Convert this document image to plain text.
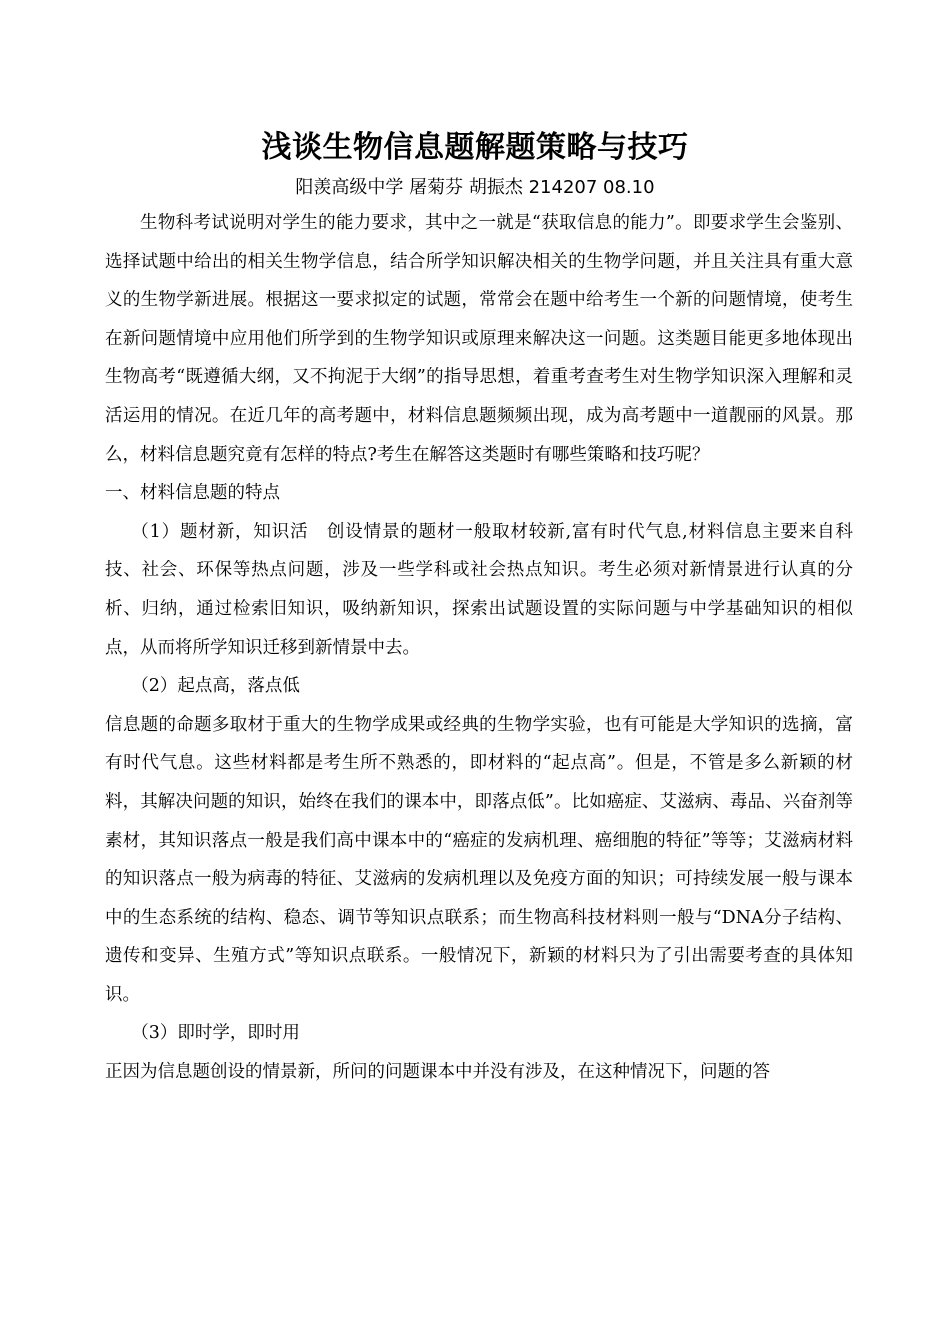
浅谈生物信息题解题策略与技巧
阳羡高级中学 屠菊芬 胡振杰 214207 08.10

生物科考试说明对学生的能力要求，其中之一就是“获取信息的能力”。即要求学生会鉴别、选择试题中给出的相关生物学信息，结合所学知识解决相关的生物学问题，并且关注具有重大意义的生物学新进展。根据这一要求拟定的试题，常常会在题中给考生一个新的问题情境，使考生在新问题情境中应用他们所学到的生物学知识或原理来解决这一问题。这类题目能更多地体现出生物高考“既遵循大纲，又不拘泥于大纲”的指导思想，着重考查考生对生物学知识深入理解和灵活运用的情况。在近几年的高考题中，材料信息题频频出现，成为高考题中一道靓丽的风景。那么，材料信息题究竟有怎样的特点?考生在解答这类题时有哪些策略和技巧呢？

一、材料信息题的特点

（1）题材新，知识活　创设情景的题材一般取材较新,富有时代气息,材料信息主要来自科技、社会、环保等热点问题，涉及一些学科或社会热点知识。考生必须对新情景进行认真的分析、归纳，通过检索旧知识，吸纳新知识，探索出试题设置的实际问题与中学基础知识的相似点，从而将所学知识迁移到新情景中去。

（2）起点高，落点低

信息题的命题多取材于重大的生物学成果或经典的生物学实验，也有可能是大学知识的选摘，富有时代气息。这些材料都是考生所不熟悉的，即材料的“起点高”。但是，不管是多么新颖的材料，其解决问题的知识，始终在我们的课本中，即落点低”。比如癌症、艾滋病、毒品、兴奋剂等素材，其知识落点一般是我们高中课本中的“癌症的发病机理、癌细胞的特征”等等；艾滋病材料的知识落点一般为病毒的特征、艾滋病的发病机理以及免疫方面的知识；可持续发展一般与课本中的生态系统的结构、稳态、调节等知识点联系；而生物高科技材料则一般与“DNA分子结构、遗传和变异、生殖方式”等知识点联系。一般情况下，新颖的材料只为了引出需要考查的具体知识。

（3）即时学，即时用

正因为信息题创设的情景新，所问的问题课本中并没有涉及，在这种情况下，问题的答
